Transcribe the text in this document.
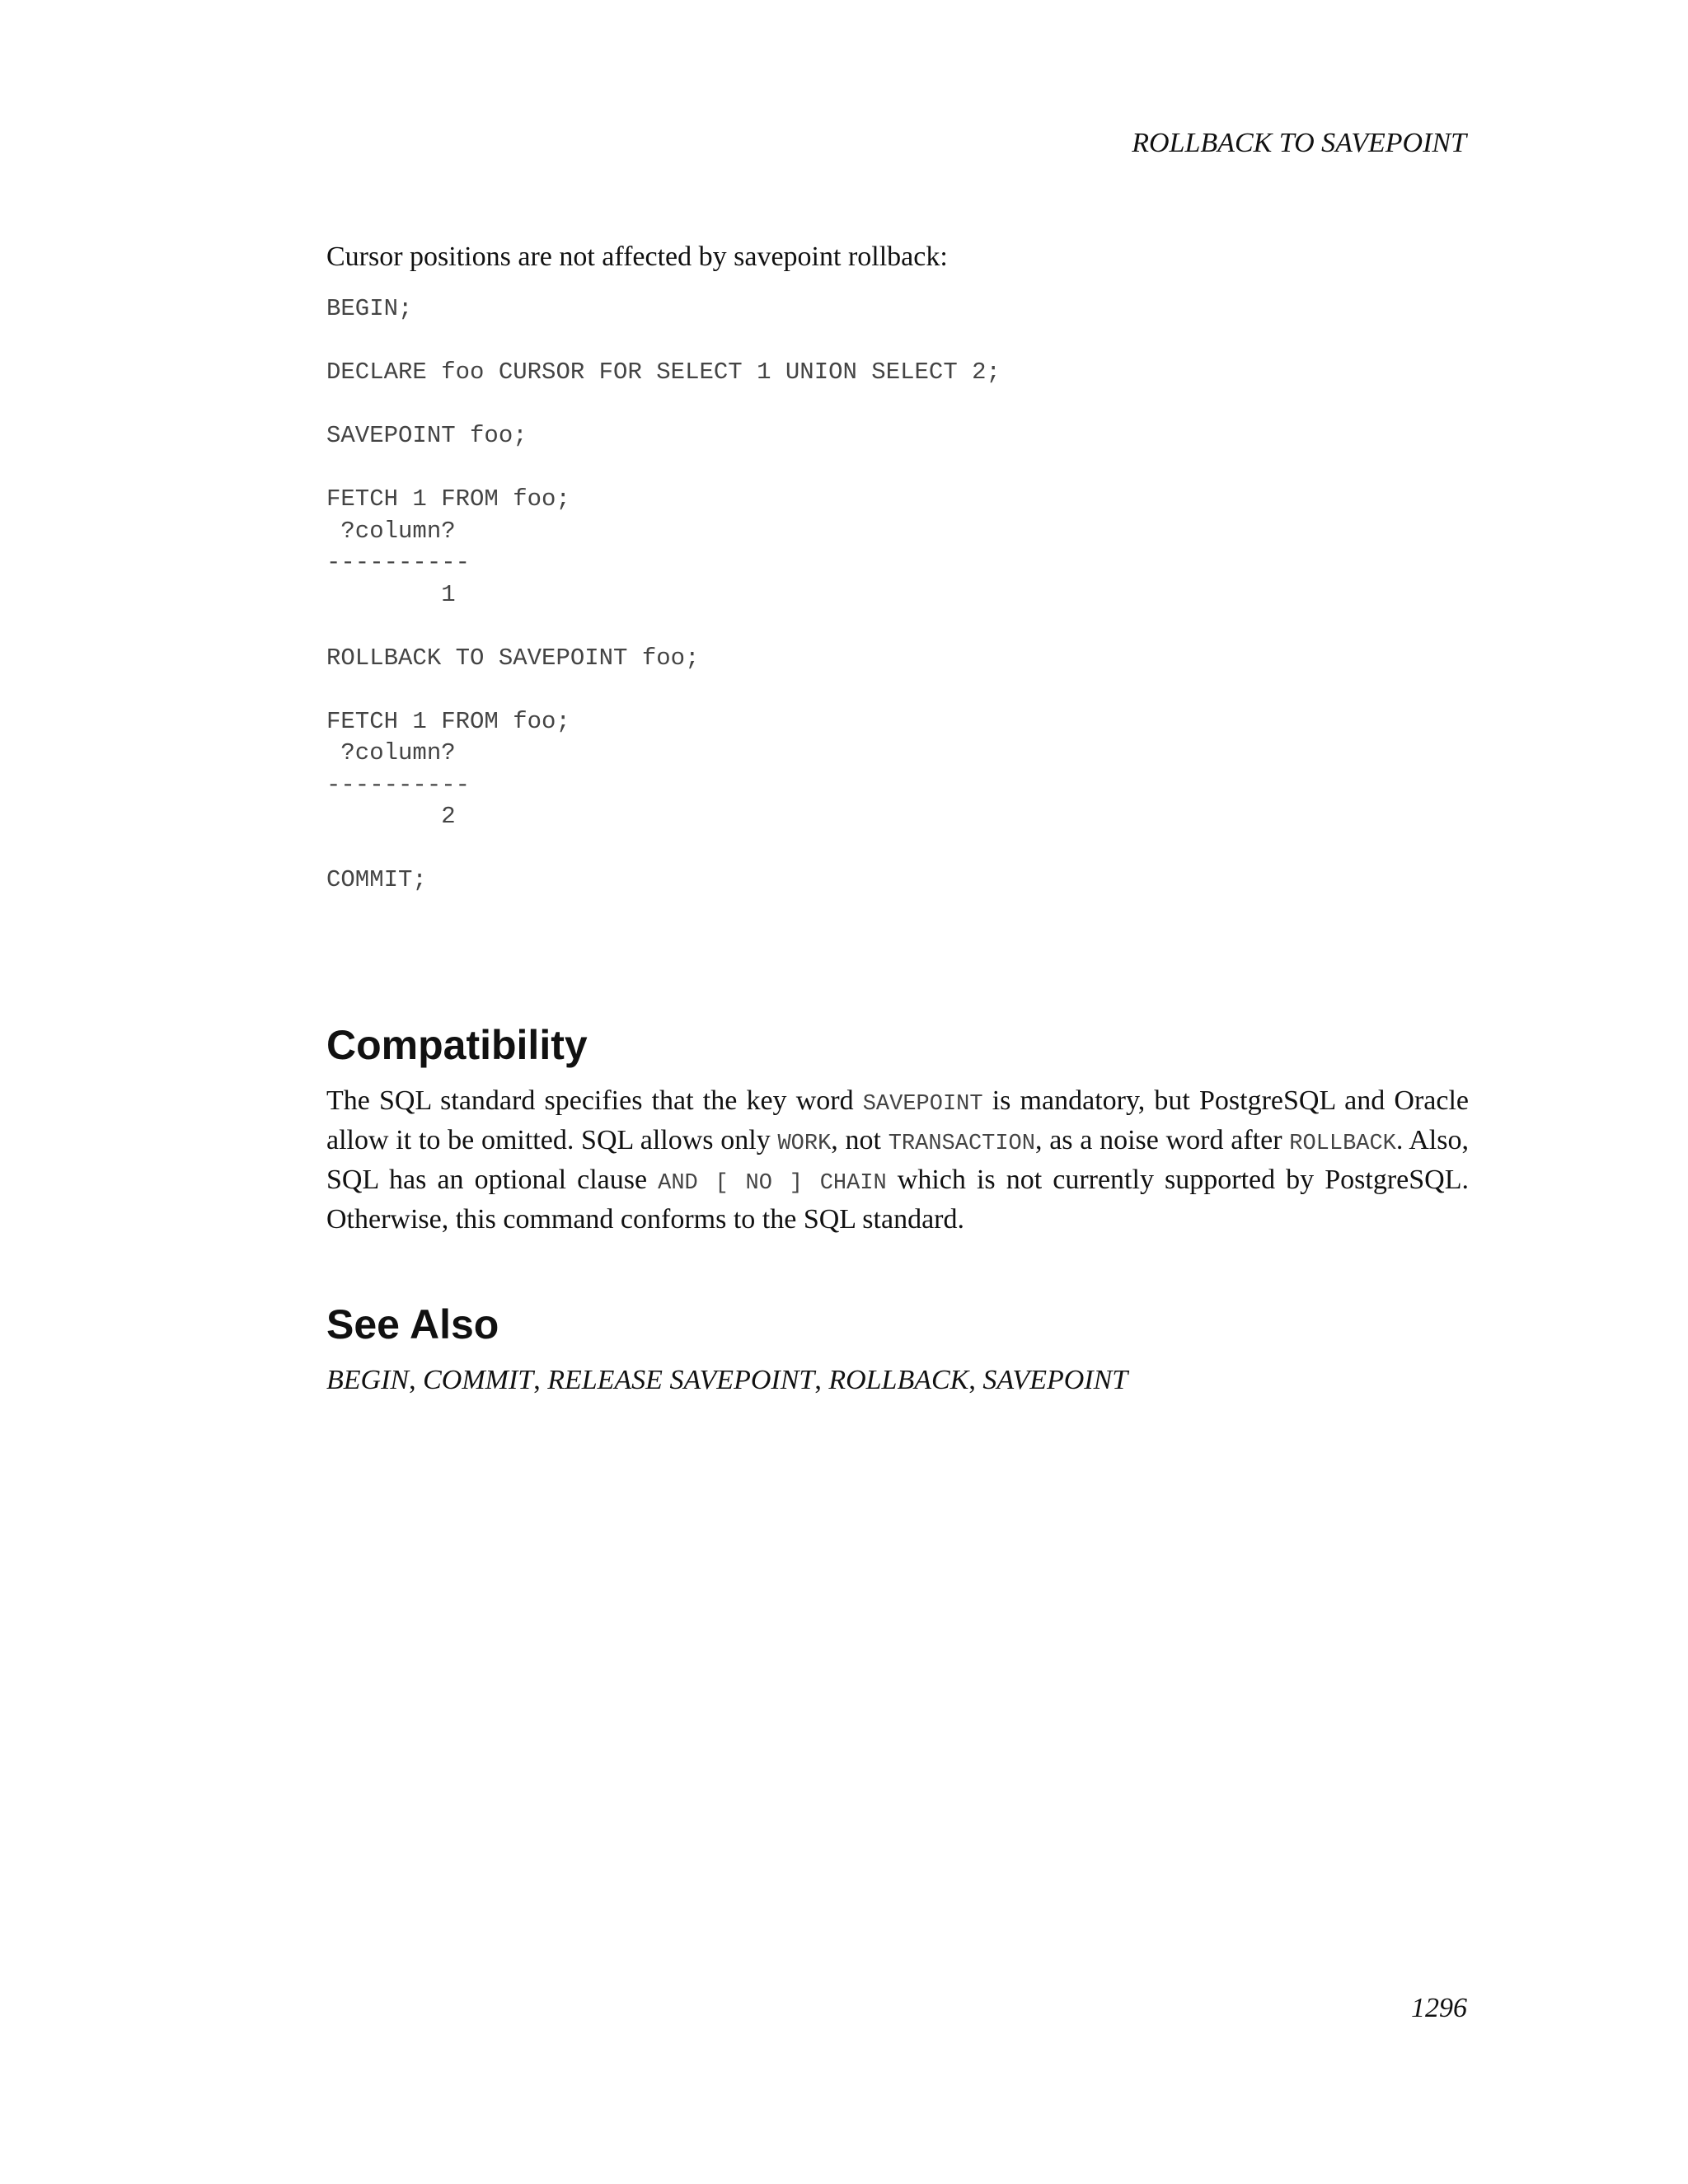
ROLLBACK TO SAVEPOINT

Cursor positions are not affected by savepoint rollback:

BEGIN;

DECLARE foo CURSOR FOR SELECT 1 UNION SELECT 2;

SAVEPOINT foo;

FETCH 1 FROM foo;
?column?
----------
1

ROLLBACK TO SAVEPOINT foo;

FETCH 1 FROM foo;
?column?
----------
2

COMMIT;
Compatibility

The SQL standard specifies that the key word SAVEPOINT is mandatory, but PostgreSQL and Oracle allow it to be omitted. SQL allows only WORK, not TRANSACTION, as a noise word after ROLLBACK. Also, SQL has an optional clause AND [ NO ] CHAIN which is not currently supported by PostgreSQL. Otherwise, this command conforms to the SQL standard.

See Also

BEGIN, COMMIT, RELEASE SAVEPOINT, ROLLBACK, SAVEPOINT

1296
